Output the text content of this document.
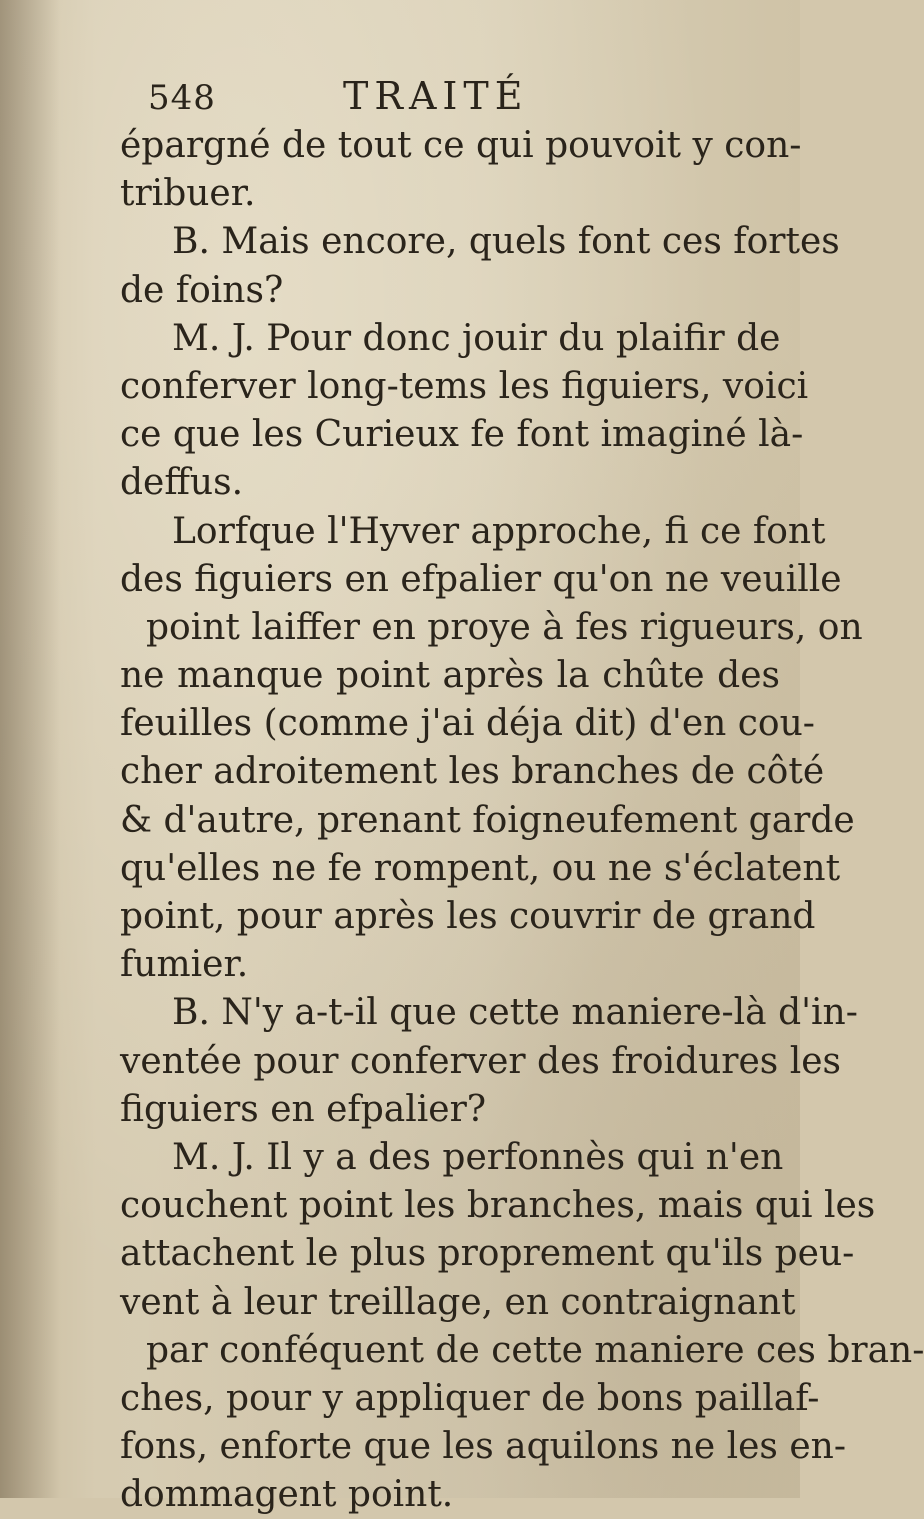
548	TRAITÉ
épargné de tout ce qui pouvoit y con-
tribuer.
B. Mais encore, quels font ces fortes
de foins?
M. J. Pour donc jouir du plaifir de
conferver long-tems les figuiers, voici
ce que les Curieux fe font imaginé là-
deffus.
Lorfque l'Hyver approche, fi ce font
des figuiers en efpalier qu'on ne veuille
point laiffer en proye à fes rigueurs, on
ne manque point après la chûte des
feuilles (comme j'ai déja dit) d'en cou-
cher adroitement les branches de côté
& d'autre, prenant foigneufement garde
qu'elles ne fe rompent, ou ne s'éclatent
point, pour après les couvrir de grand
fumier.
B. N'y a-t-il que cette maniere-là d'in-
ventée pour conferver des froidures les
figuiers en efpalier?
M. J. Il y a des perfonnès qui n'en
couchent point les branches, mais qui les
attachent le plus proprement qu'ils peu-
vent à leur treillage, en contraignant
par conféquent de cette maniere ces bran-
ches, pour y appliquer de bons paillaf-
fons, enforte que les aquilons ne les en-
dommagent point.
